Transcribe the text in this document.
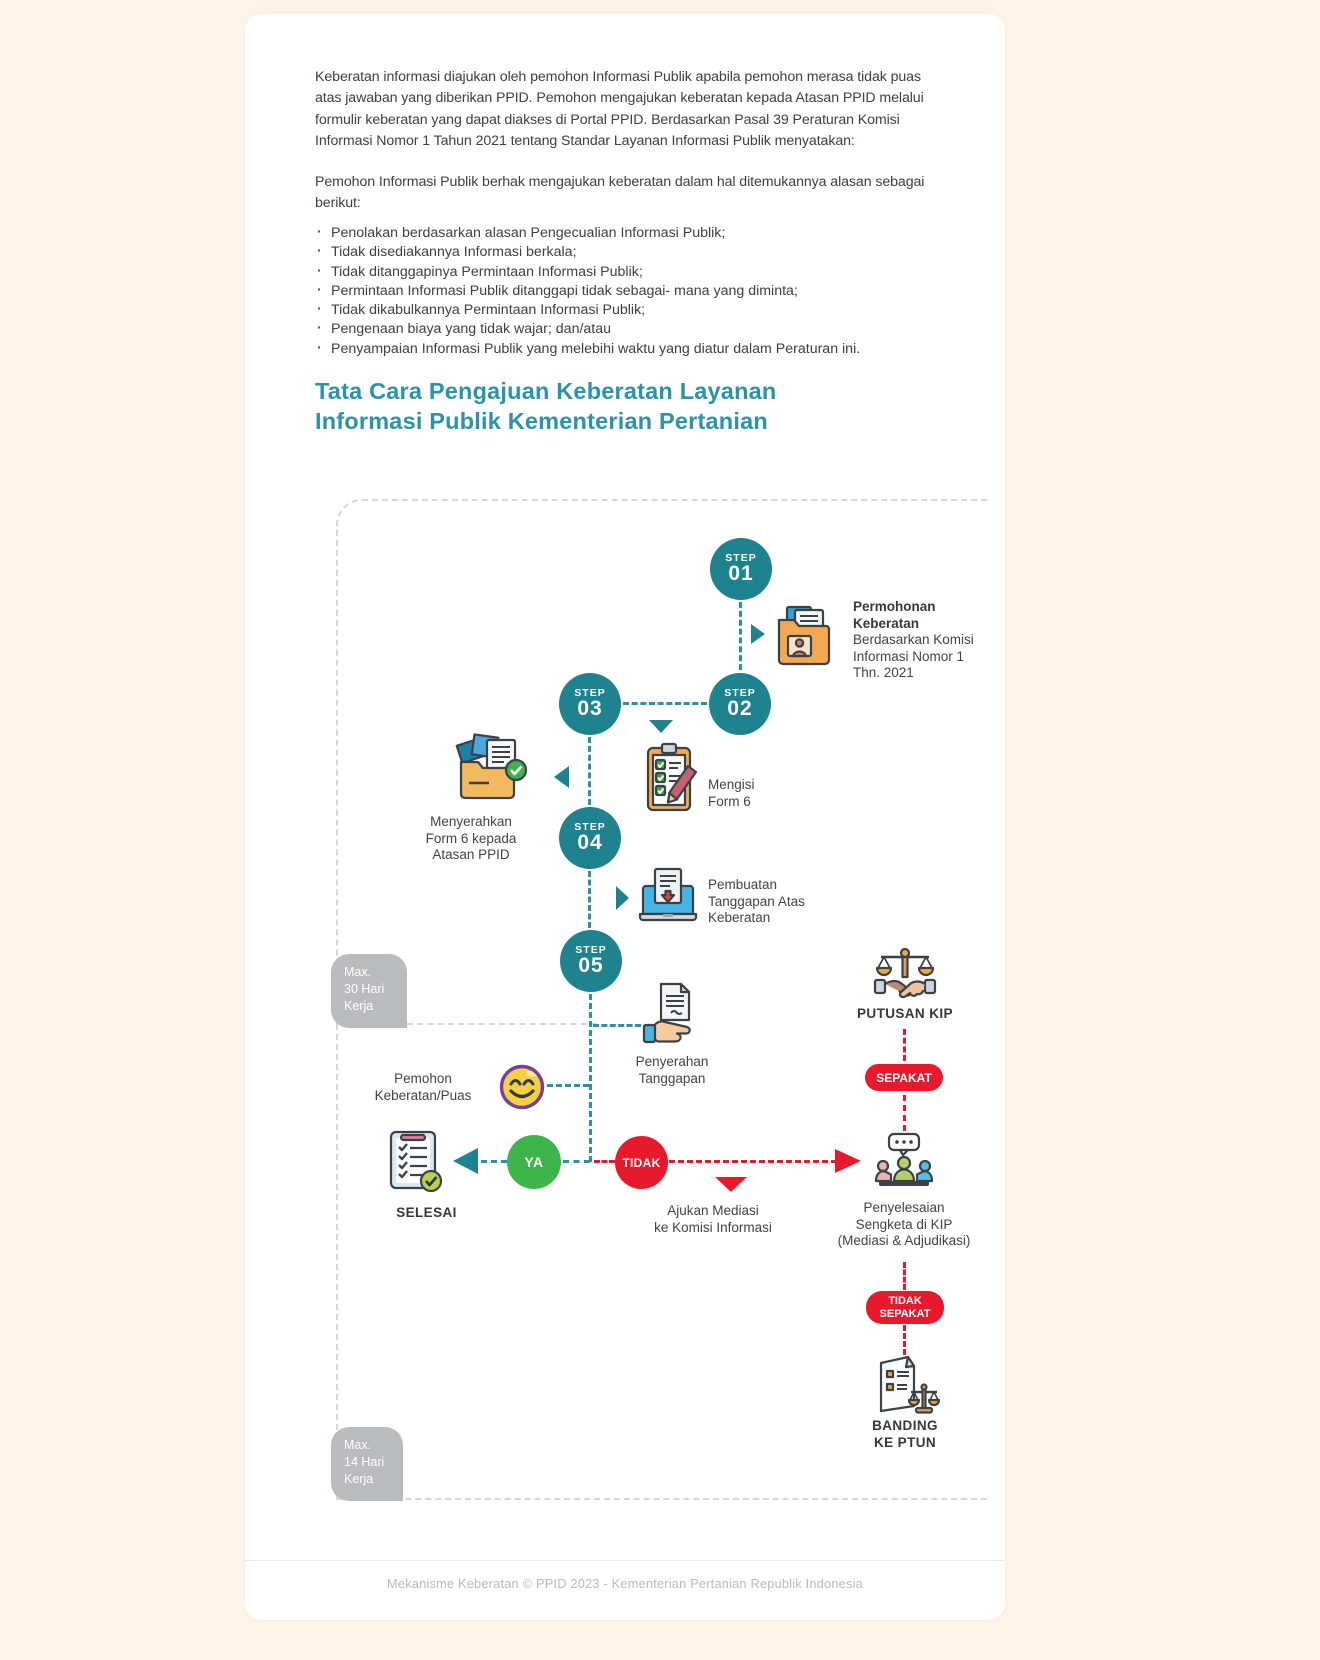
Keberatan informasi diajukan oleh pemohon Informasi Publik apabila pemohon merasa tidak puas atas jawaban yang diberikan PPID. Pemohon mengajukan keberatan kepada Atasan PPID melalui formulir keberatan yang dapat diakses di Portal PPID. Berdasarkan Pasal 39 Peraturan Komisi Informasi Nomor 1 Tahun 2021 tentang Standar Layanan Informasi Publik menyatakan:
Pemohon Informasi Publik berhak mengajukan keberatan dalam hal ditemukannya alasan sebagai berikut:
· Penolakan berdasarkan alasan Pengecualian Informasi Publik;
· Tidak disediakannya Informasi berkala;
· Tidak ditanggapinya Permintaan Informasi Publik;
· Permintaan Informasi Publik ditanggapi tidak sebagai- mana yang diminta;
· Tidak dikabulkannya Permintaan Informasi Publik;
· Pengenaan biaya yang tidak wajar; dan/atau
· Penyampaian Informasi Publik yang melebihi waktu yang diatur dalam Peraturan ini.
Tata Cara Pengajuan Keberatan Layanan
Informasi Publik Kementerian Pertanian
Max.
30 Hari
Kerja
Max.
14 Hari
Kerja
STEP
01
STEP
02
STEP
03
STEP
04
STEP
05
YA	TIDAK
SEPAKAT
TIDAK
SEPAKAT
Permohonan
Keberatan
Berdasarkan Komisi
Informasi Nomor 1
Thn. 2021
Mengisi
Form 6
Menyerahkan
Form 6 kepada
Atasan PPID
Pembuatan
Tanggapan Atas
Keberatan
Penyerahan
Tanggapan
Pemohon
Keberatan/Puas
SELESAI	Ajukan Mediasi
ke Komisi Informasi
PUTUSAN KIP
Penyelesaian
Sengketa di KIP
(Mediasi & Adjudikasi)
BANDING
KE PTUN
Mekanisme Keberatan © PPID 2023 - Kementerian Pertanian Republik Indonesia
